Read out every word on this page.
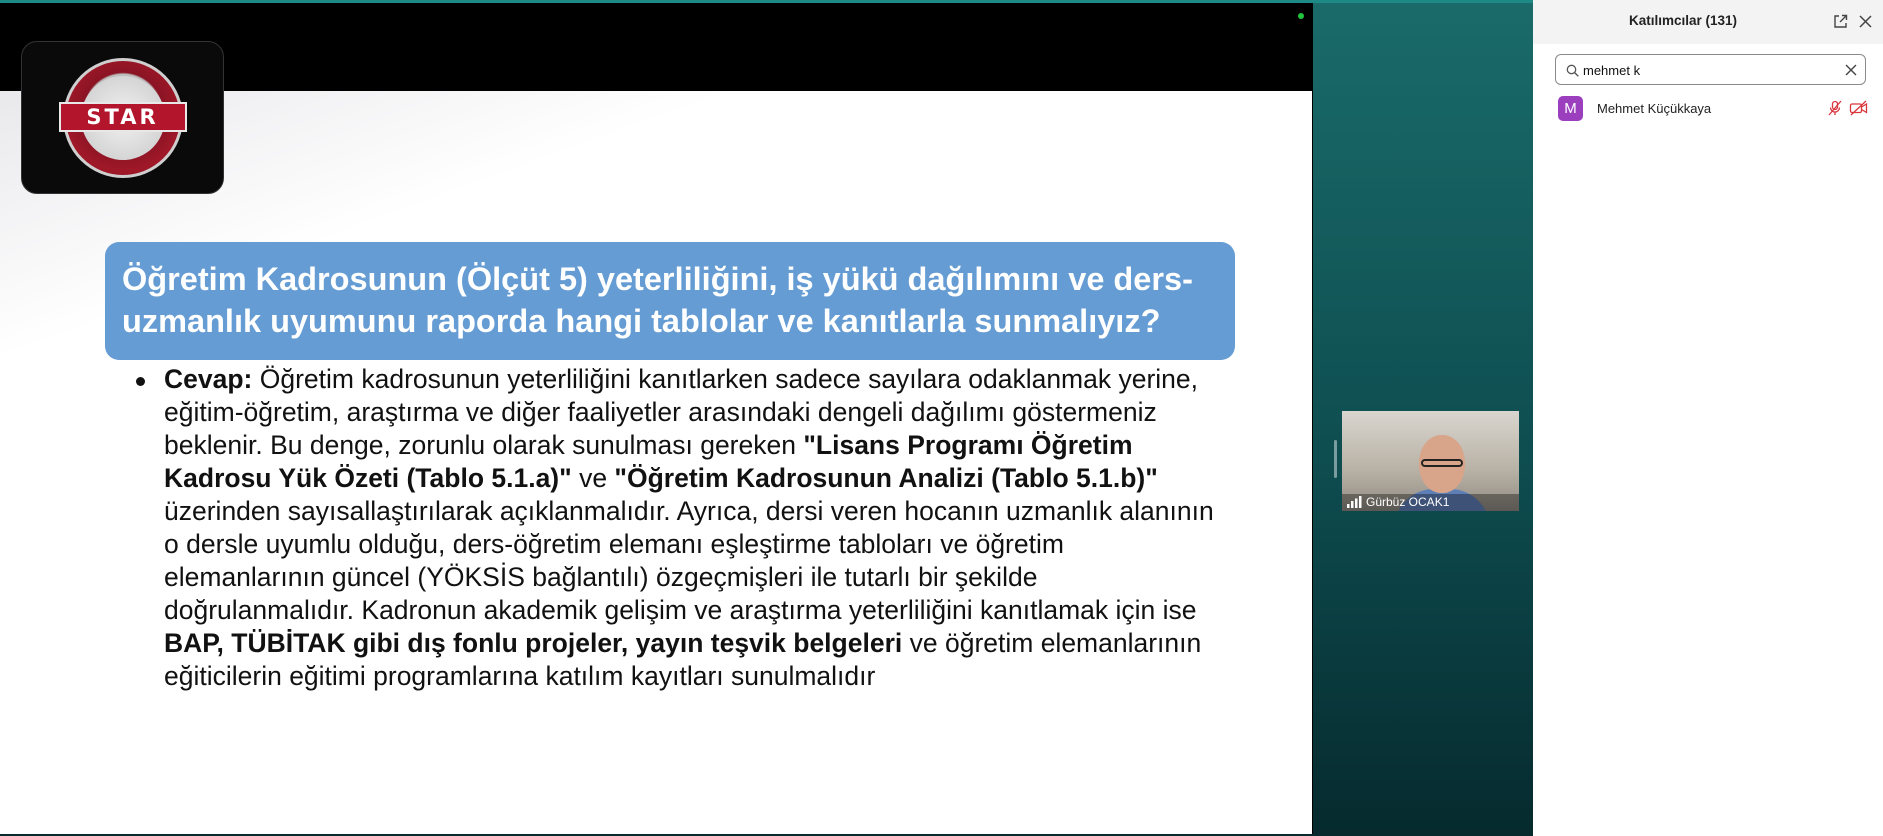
STAR
Öğretim Kadrosunun (Ölçüt 5) yeterliliğini, iş yükü dağılımını ve ders-uzmanlık uyumunu raporda hangi tablolar ve kanıtlarla sunmalıyız?
Cevap: Öğretim kadrosunun yeterliliğini kanıtlarken sadece sayılara odaklanmak yerine, eğitim-öğretim, araştırma ve diğer faaliyetler arasındaki dengeli dağılımı göstermeniz beklenir. Bu denge, zorunlu olarak sunulması gereken "Lisans Programı Öğretim Kadrosu Yük Özeti (Tablo 5.1.a)" ve "Öğretim Kadrosunun Analizi (Tablo 5.1.b)" üzerinden sayısallaştırılarak açıklanmalıdır. Ayrıca, dersi veren hocanın uzmanlık alanının o dersle uyumlu olduğu, ders-öğretim elemanı eşleştirme tabloları ve öğretim elemanlarının güncel (YÖKSİS bağlantılı) özgeçmişleri ile tutarlı bir şekilde doğrulanmalıdır. Kadronun akademik gelişim ve araştırma yeterliliğini kanıtlamak için ise BAP, TÜBİTAK gibi dış fonlu projeler, yayın teşvik belgeleri ve öğretim elemanlarının eğiticilerin eğitimi programlarına katılım kayıtları sunulmalıdır
Gürbüz OCAK1
Katılımcılar (131)
mehmet k
M	Mehmet Küçükkaya
